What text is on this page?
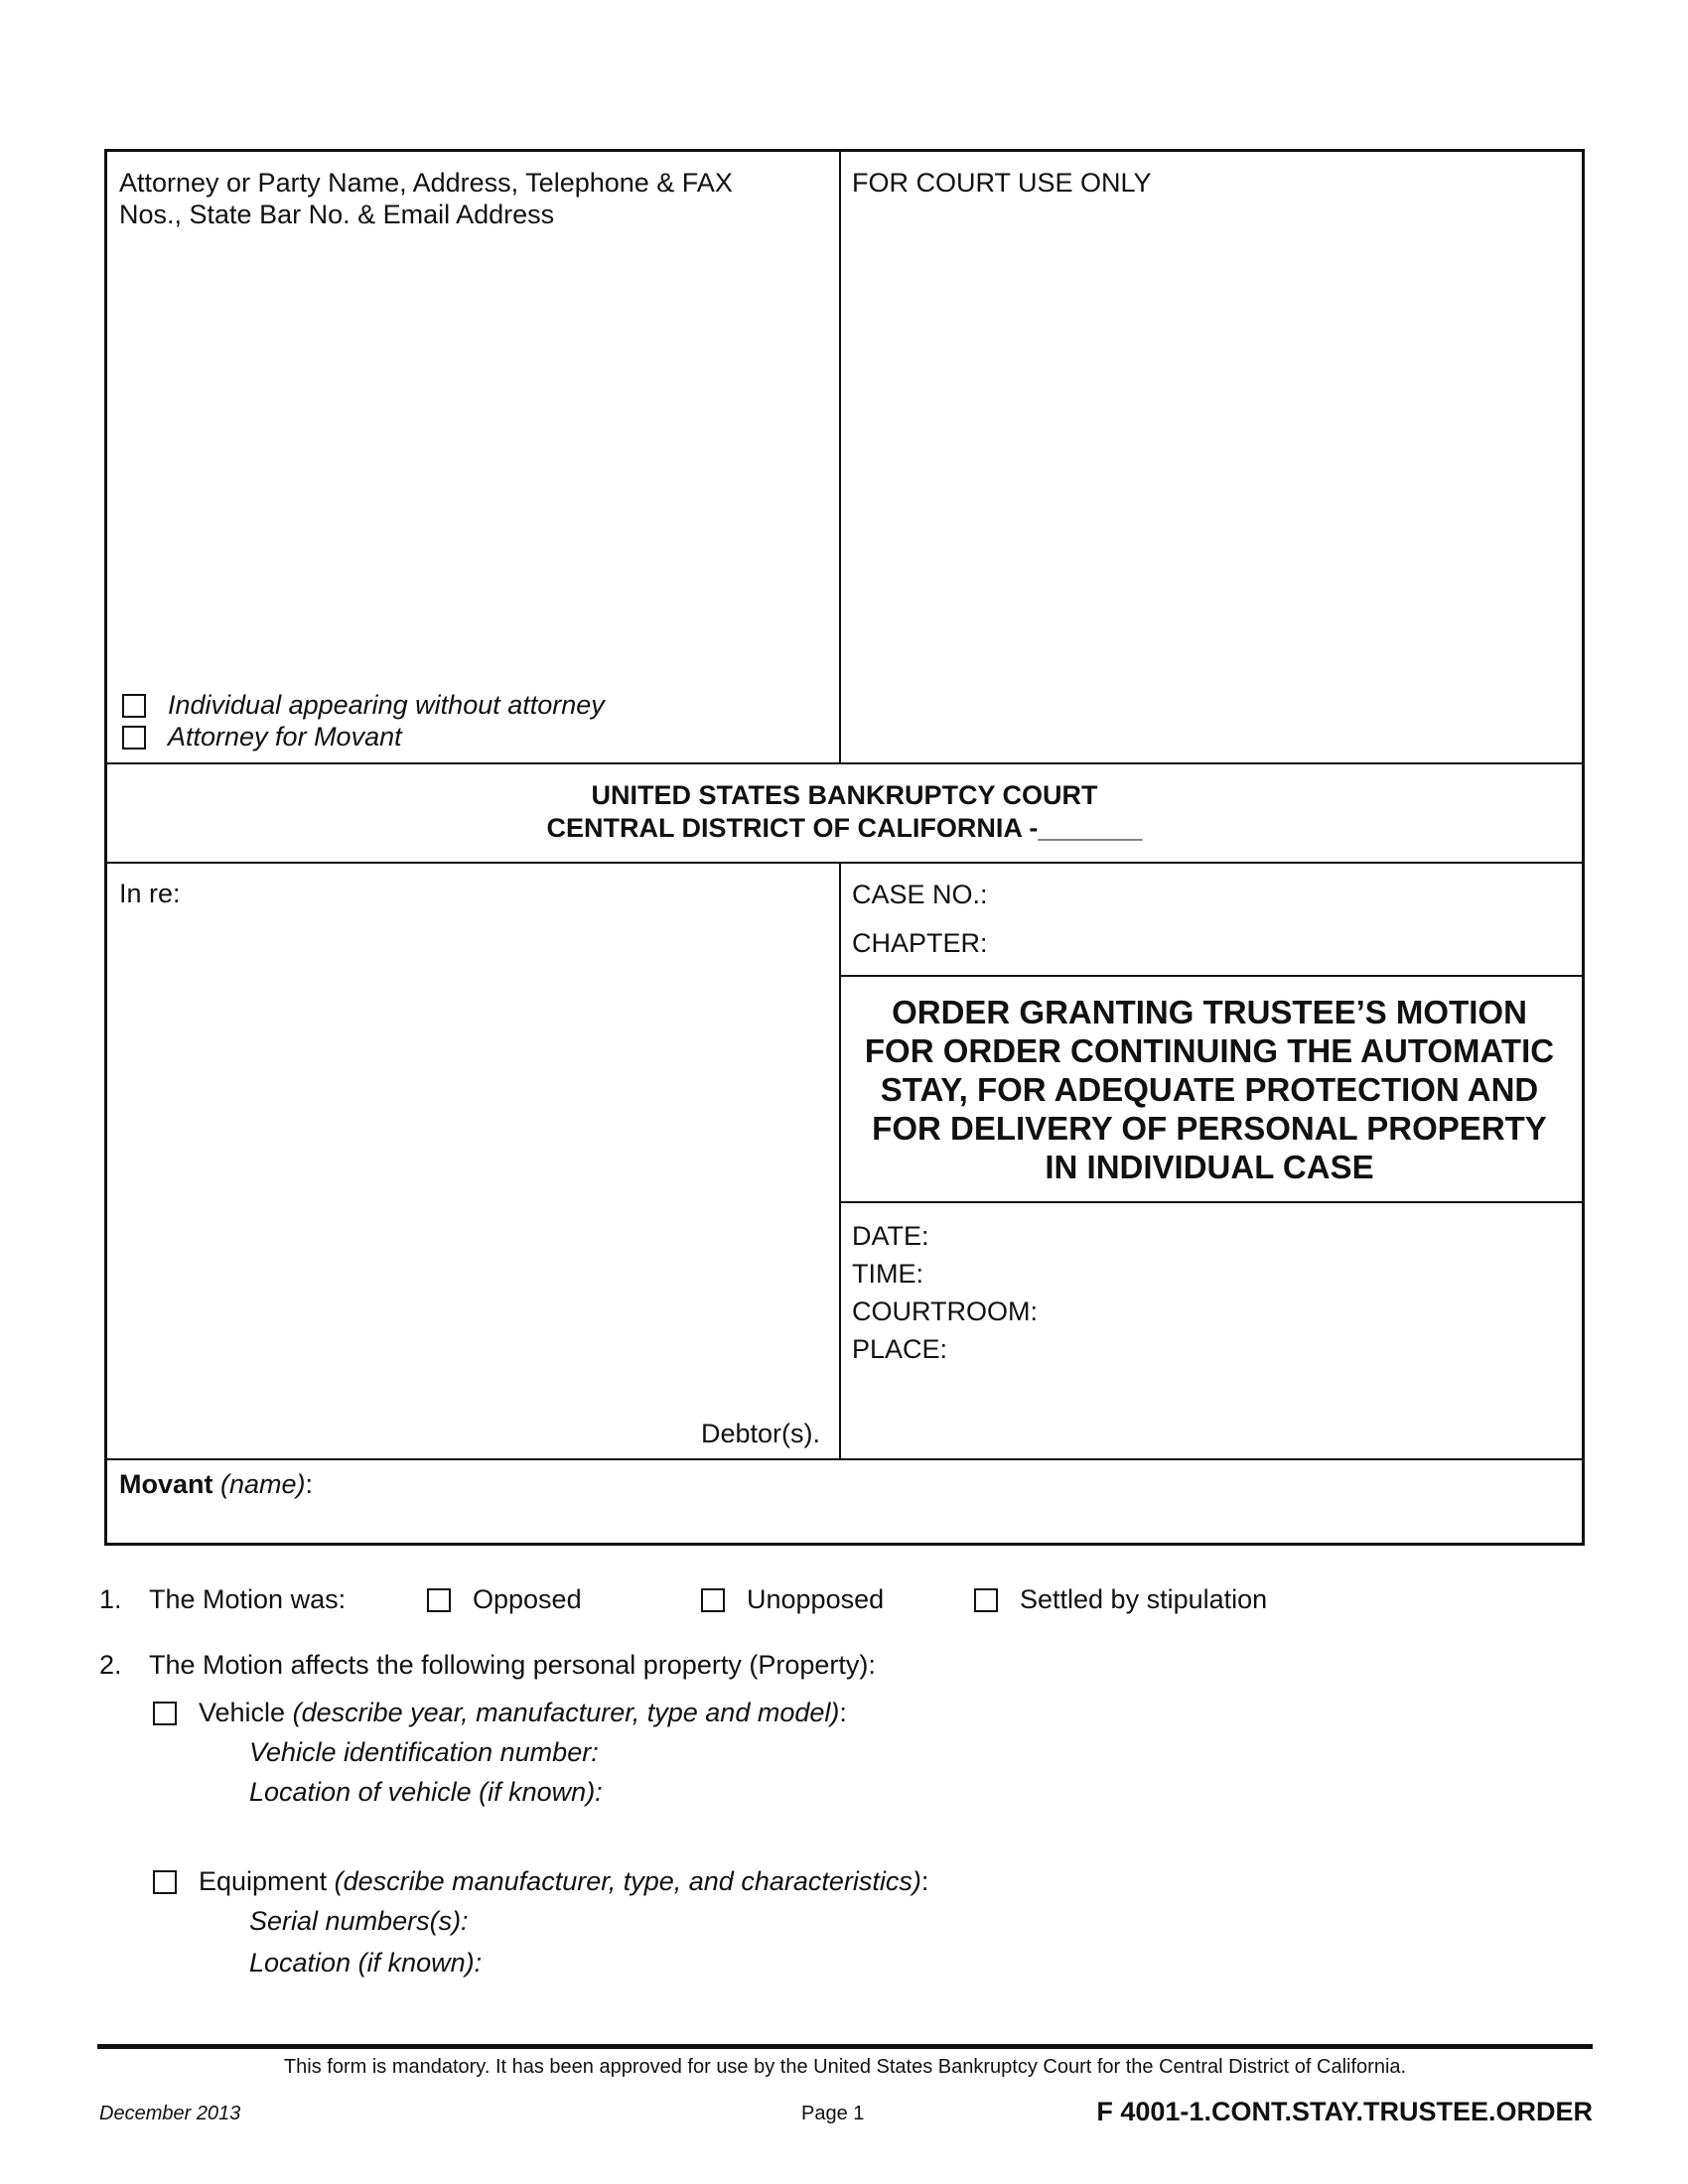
Attorney or Party Name, Address, Telephone & FAX
Nos., State Bar No. & Email Address
FOR COURT USE ONLY
Individual appearing without attorney
Attorney for Movant
UNITED STATES BANKRUPTCY COURT
CENTRAL DISTRICT OF CALIFORNIA -_______
In re:
Debtor(s).
CASE NO.:
CHAPTER:
ORDER GRANTING TRUSTEE’S MOTION
FOR ORDER CONTINUING THE AUTOMATIC
STAY, FOR ADEQUATE PROTECTION AND
FOR DELIVERY OF PERSONAL PROPERTY
IN INDIVIDUAL CASE
DATE:
TIME:
COURTROOM:
PLACE:
Movant (name):
1. The Motion was:	Opposed	Unopposed	Settled by stipulation
2. The Motion affects the following personal property (Property):
Vehicle (describe year, manufacturer, type and model):
Vehicle identification number:
Location of vehicle (if known):
Equipment (describe manufacturer, type, and characteristics):
Serial numbers(s):
Location (if known):
This form is mandatory. It has been approved for use by the United States Bankruptcy Court for the Central District of California.
December 2013	Page 1	F 4001-1.CONT.STAY.TRUSTEE.ORDER
